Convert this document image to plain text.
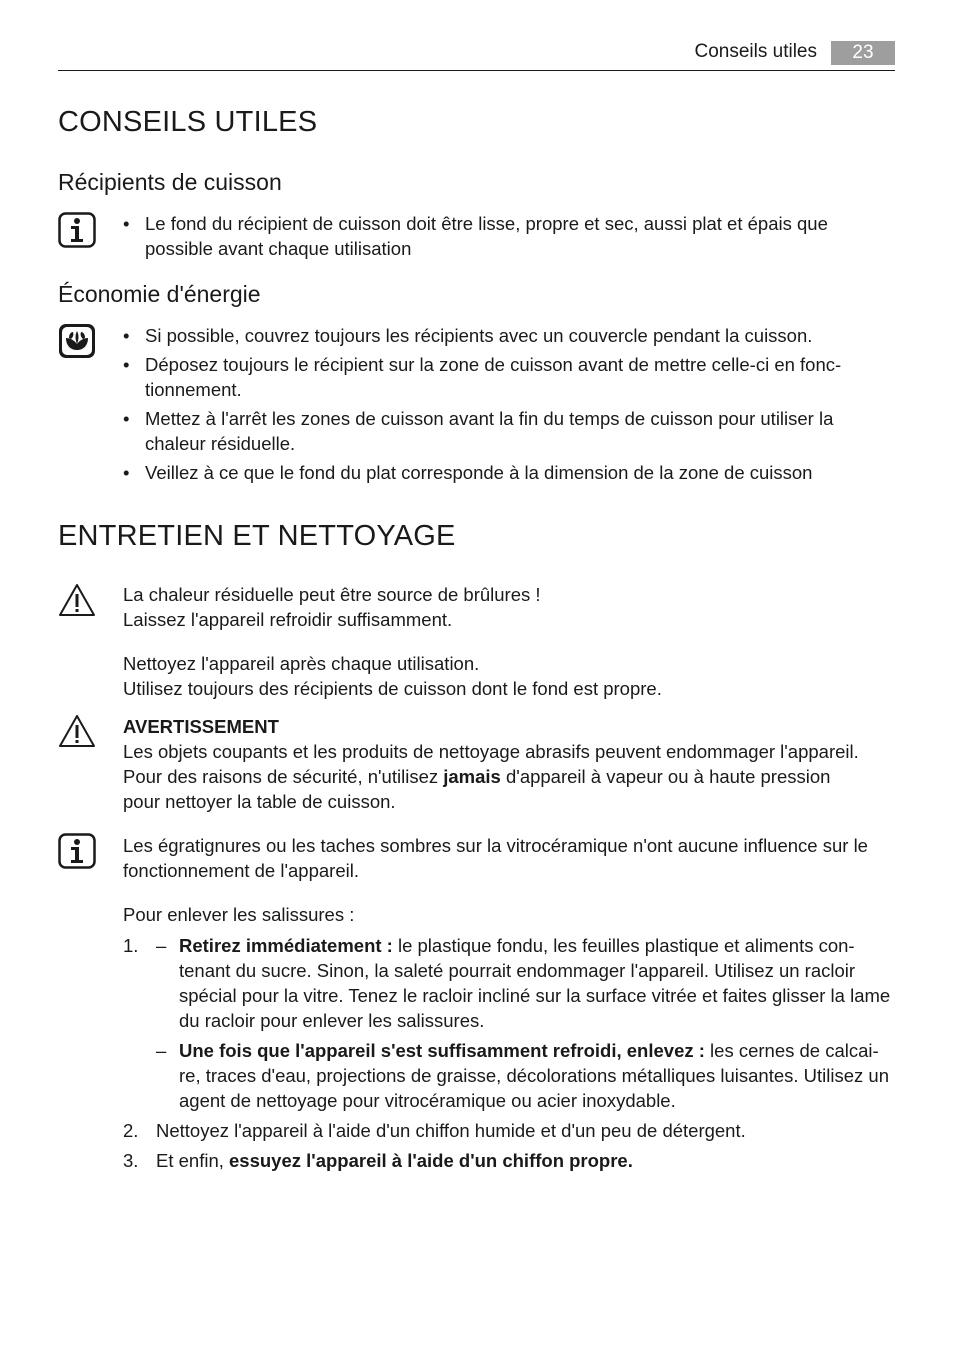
Conseils utiles	23
CONSEILS UTILES
Récipients de cuisson
• Le fond du récipient de cuisson doit être lisse, propre et sec, aussi plat et épais que possible avant chaque utilisation
Économie d'énergie
• Si possible, couvrez toujours les récipients avec un couvercle pendant la cuisson.
• Déposez toujours le récipient sur la zone de cuisson avant de mettre celle-ci en fonc- tionnement.
• Mettez à l'arrêt les zones de cuisson avant la fin du temps de cuisson pour utiliser la chaleur résiduelle.
• Veillez à ce que le fond du plat corresponde à la dimension de la zone de cuisson
ENTRETIEN ET NETTOYAGE

La chaleur résiduelle peut être source de brûlures !

Laissez l'appareil refroidir suffisamment.

Nettoyez l'appareil après chaque utilisation.

Utilisez toujours des récipients de cuisson dont le fond est propre.

AVERTISSEMENT

Les objets coupants et les produits de nettoyage abrasifs peuvent endommager l'appareil.

Pour des raisons de sécurité, n'utilisez jamais d'appareil à vapeur ou à haute pression

pour nettoyer la table de cuisson.

Les égratignures ou les taches sombres sur la vitrocéramique n'ont aucune influence sur le fonctionnement de l'appareil.

Pour enlever les salissures :
1. – Retirez immédiatement : le plastique fondu, les feuilles plastique et aliments con- tenant du sucre. Sinon, la saleté pourrait endommager l'appareil. Utilisez un racloir spécial pour la vitre. Tenez le racloir incliné sur la surface vitrée et faites glisser la lame du racloir pour enlever les salissures.
– Une fois que l'appareil s'est suffisamment refroidi, enlevez : les cernes de calcai- re, traces d'eau, projections de graisse, décolorations métalliques luisantes. Utilisez un agent de nettoyage pour vitrocéramique ou acier inoxydable.
2. Nettoyez l'appareil à l'aide d'un chiffon humide et d'un peu de détergent.
3. Et enfin, essuyez l'appareil à l'aide d'un chiffon propre.
